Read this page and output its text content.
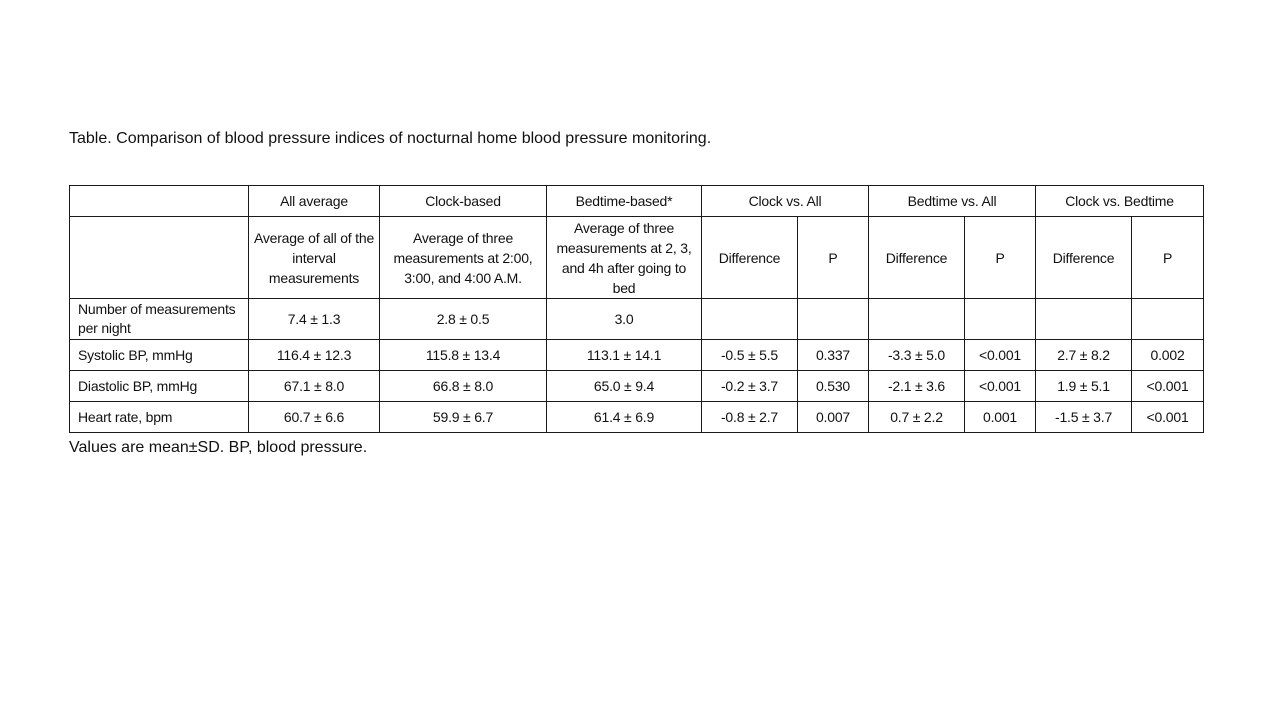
Table. Comparison of blood pressure indices of nocturnal home blood pressure monitoring.
	All average	Clock-based	Bedtime-based*	Clock vs. All		Bedtime vs. All		Clock vs. Bedtime	
	Average of all of the interval measurements	Average of three measurements at 2:00, 3:00, and 4:00 A.M.	Average of three measurements at 2, 3, and 4h after going to bed	Difference	P	Difference	P	Difference	P
Number of measurements per night	7.4 ± 1.3	2.8 ± 0.5	3.0						
Systolic BP, mmHg	116.4 ± 12.3	115.8 ± 13.4	113.1 ± 14.1	-0.5 ± 5.5	0.337	-3.3 ± 5.0	<0.001	2.7 ± 8.2	0.002
Diastolic BP, mmHg	67.1 ± 8.0	66.8 ± 8.0	65.0 ± 9.4	-0.2 ± 3.7	0.530	-2.1 ± 3.6	<0.001	1.9 ± 5.1	<0.001
Heart rate, bpm	60.7 ± 6.6	59.9 ± 6.7	61.4 ± 6.9	-0.8 ± 2.7	0.007	0.7 ± 2.2	0.001	-1.5 ± 3.7	<0.001
Values are mean±SD. BP, blood pressure.
